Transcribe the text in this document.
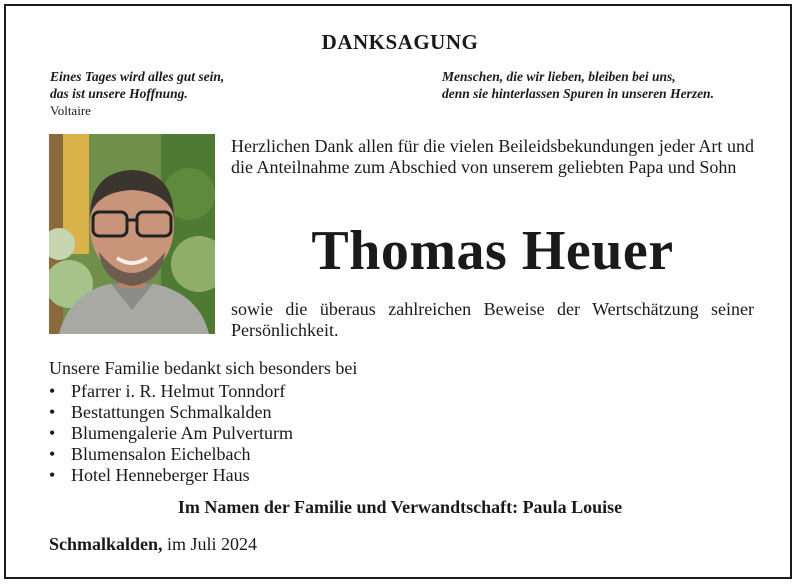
DANKSAGUNG
Eines Tages wird alles gut sein,
das ist unsere Hoffnung.
Voltaire
Menschen, die wir lieben, bleiben bei uns,
denn sie hinterlassen Spuren in unseren Herzen.
Herzlichen Dank allen für die vielen Beileidsbekundungen jeder Art und die Anteilnahme zum Abschied von unserem geliebten Papa und Sohn
Thomas Heuer
sowie die überaus zahlreichen Beweise der Wertschätzung seiner Persönlichkeit.
Unsere Familie bedankt sich besonders bei
• Pfarrer i. R. Helmut Tonndorf
• Bestattungen Schmalkalden
• Blumengalerie Am Pulverturm
• Blumensalon Eichelbach
• Hotel Henneberger Haus
Im Namen der Familie und Verwandtschaft: Paula Louise
Schmalkalden, im Juli 2024
